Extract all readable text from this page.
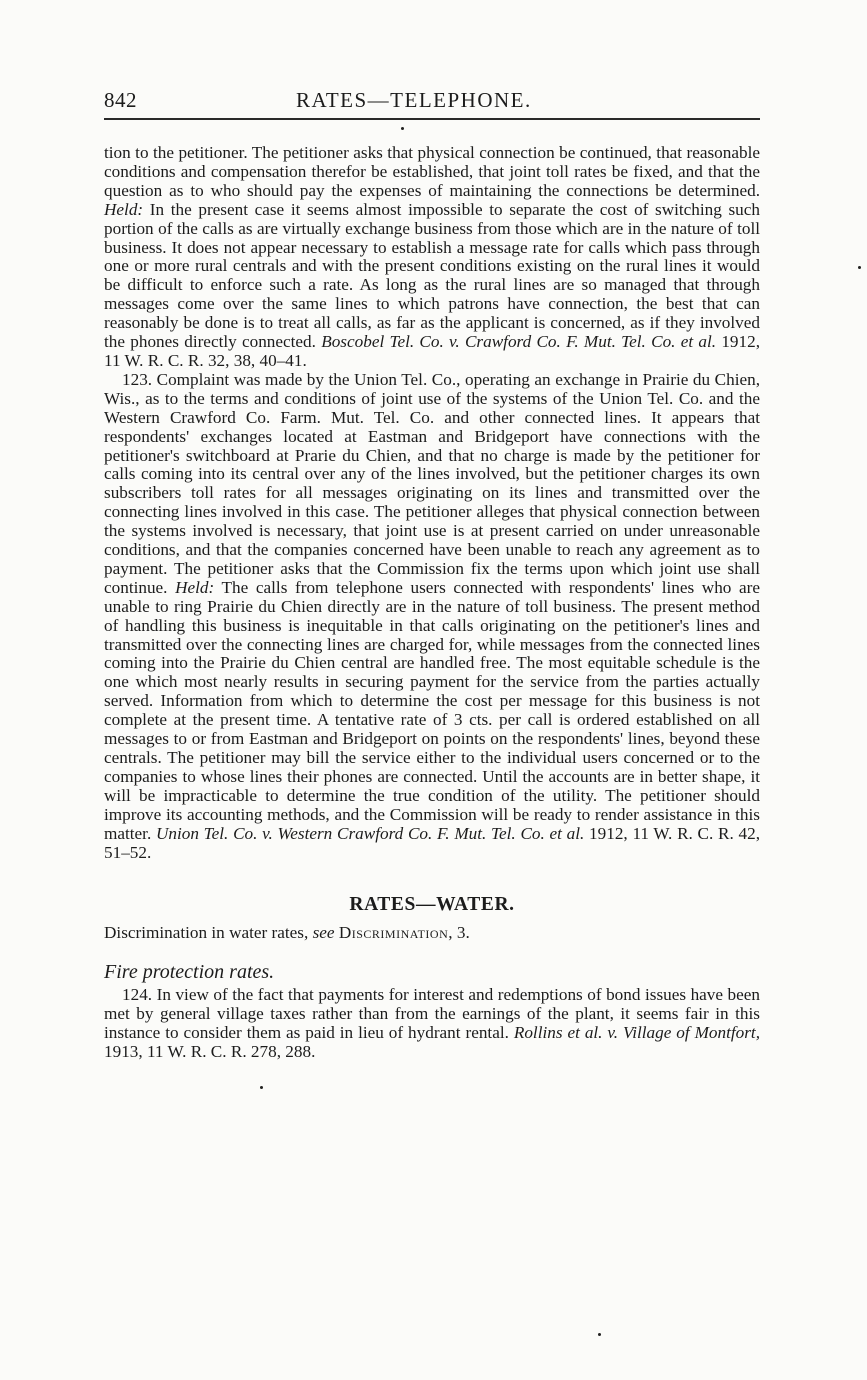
842	RATES—TELEPHONE.

tion to the petitioner. The petitioner asks that physical connection be continued, that reasonable conditions and compensation therefor be established, that joint toll rates be fixed, and that the question as to who should pay the expenses of maintaining the connections be determined. Held: In the present case it seems almost impossible to separate the cost of switching such portion of the calls as are virtually exchange business from those which are in the nature of toll business. It does not appear necessary to establish a message rate for calls which pass through one or more rural centrals and with the present conditions existing on the rural lines it would be difficult to enforce such a rate. As long as the rural lines are so managed that through messages come over the same lines to which patrons have connection, the best that can reasonably be done is to treat all calls, as far as the applicant is concerned, as if they involved the phones directly connected. Boscobel Tel. Co. v. Crawford Co. F. Mut. Tel. Co. et al. 1912, 11 W. R. C. R. 32, 38, 40–41.

123. Complaint was made by the Union Tel. Co., operating an exchange in Prairie du Chien, Wis., as to the terms and conditions of joint use of the systems of the Union Tel. Co. and the Western Crawford Co. Farm. Mut. Tel. Co. and other connected lines. It appears that respondents' exchanges located at Eastman and Bridgeport have connections with the petitioner's switchboard at Prarie du Chien, and that no charge is made by the petitioner for calls coming into its central over any of the lines involved, but the petitioner charges its own subscribers toll rates for all messages originating on its lines and transmitted over the connecting lines involved in this case. The petitioner alleges that physical connection between the systems involved is necessary, that joint use is at present carried on under unreasonable conditions, and that the companies concerned have been unable to reach any agreement as to payment. The petitioner asks that the Commission fix the terms upon which joint use shall continue. Held: The calls from telephone users connected with respondents' lines who are unable to ring Prairie du Chien directly are in the nature of toll business. The present method of handling this business is inequitable in that calls originating on the petitioner's lines and transmitted over the connecting lines are charged for, while messages from the connected lines coming into the Prairie du Chien central are handled free. The most equitable schedule is the one which most nearly results in securing payment for the service from the parties actually served. Information from which to determine the cost per message for this business is not complete at the present time. A tentative rate of 3 cts. per call is ordered established on all messages to or from Eastman and Bridgeport on points on the respondents' lines, beyond these centrals. The petitioner may bill the service either to the individual users concerned or to the companies to whose lines their phones are connected. Until the accounts are in better shape, it will be impracticable to determine the true condition of the utility. The petitioner should improve its accounting methods, and the Commission will be ready to render assistance in this matter. Union Tel. Co. v. Western Crawford Co. F. Mut. Tel. Co. et al. 1912, 11 W. R. C. R. 42, 51–52.

RATES—WATER.

Discrimination in water rates, see Discrimination, 3.

Fire protection rates.

124. In view of the fact that payments for interest and redemptions of bond issues have been met by general village taxes rather than from the earnings of the plant, it seems fair in this instance to consider them as paid in lieu of hydrant rental. Rollins et al. v. Village of Montfort, 1913, 11 W. R. C. R. 278, 288.
